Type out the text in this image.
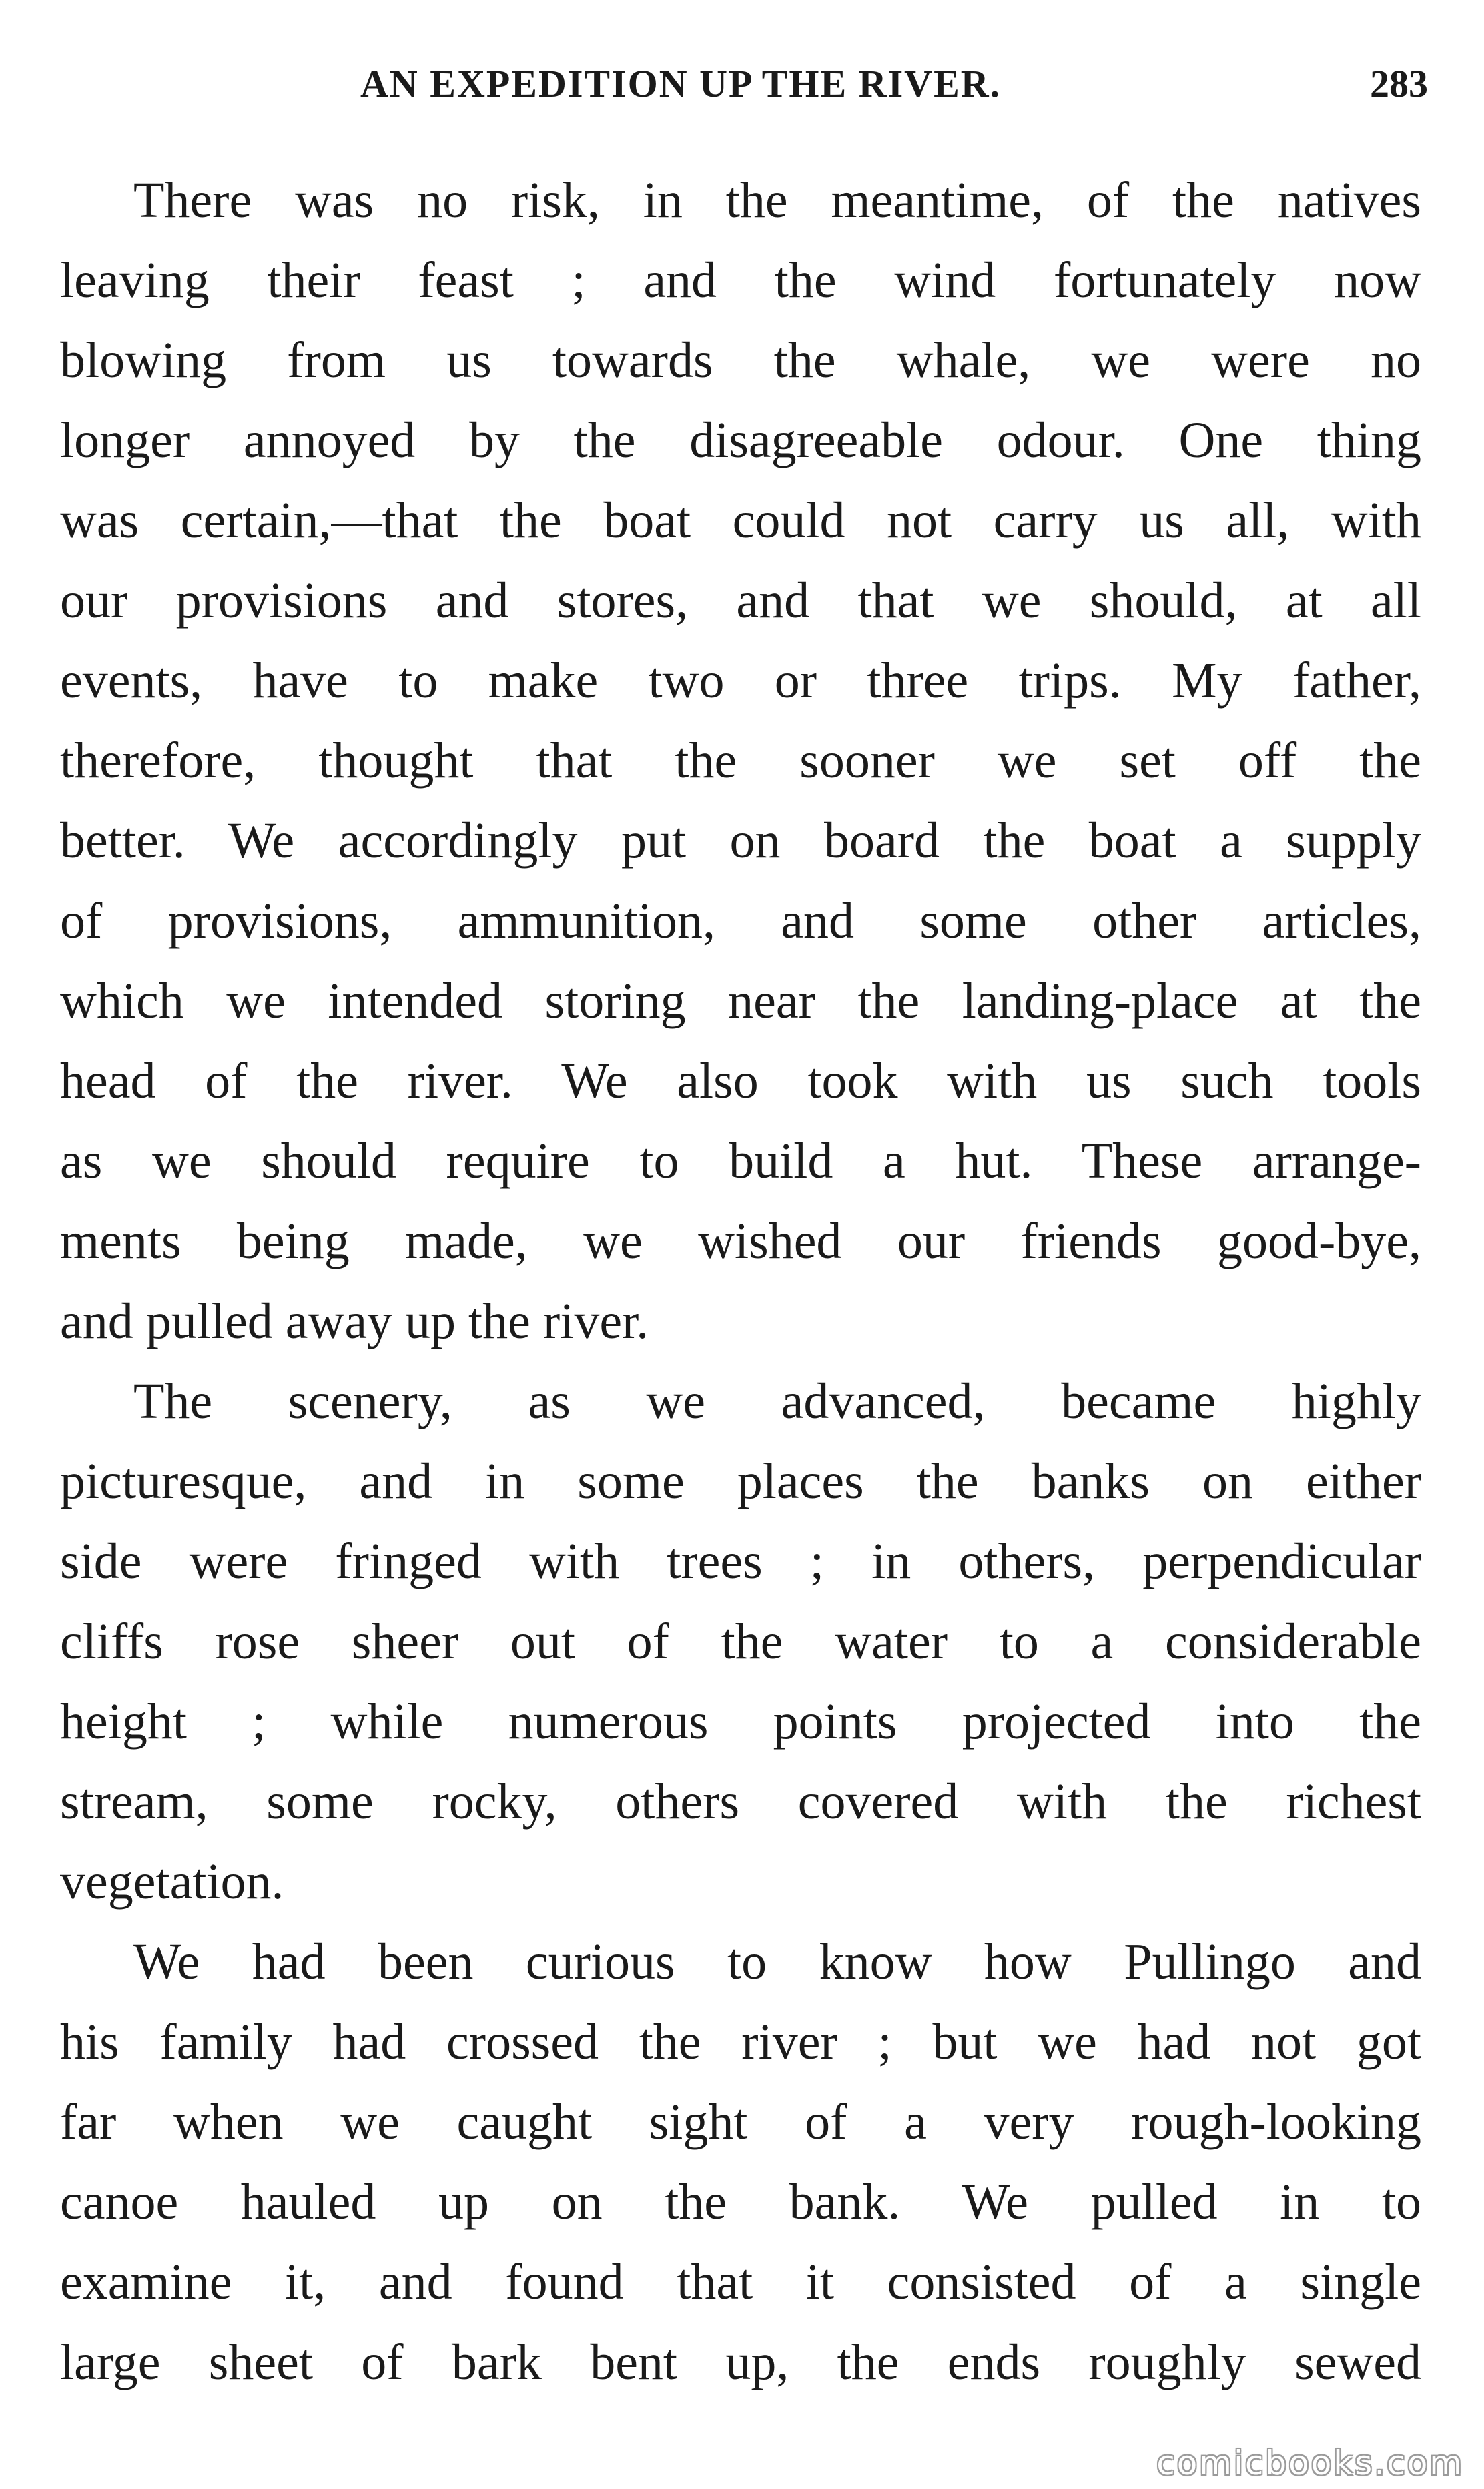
AN EXPEDITION UP THE RIVER.	283
There was no risk, in the meantime, of the natives
leaving their feast ; and the wind fortunately now
blowing from us towards the whale, we were no
longer annoyed by the disagreeable odour. One thing
was certain,—that the boat could not carry us all, with
our provisions and stores, and that we should, at all
events, have to make two or three trips. My father,
therefore, thought that the sooner we set off the
better. We accordingly put on board the boat a supply
of provisions, ammunition, and some other articles,
which we intended storing near the landing-place at the
head of the river. We also took with us such tools
as we should require to build a hut. These arrange-
ments being made, we wished our friends good-bye,
and pulled away up the river.
The scenery, as we advanced, became highly
picturesque, and in some places the banks on either
side were fringed with trees ; in others, perpendicular
cliffs rose sheer out of the water to a considerable
height ; while numerous points projected into the
stream, some rocky, others covered with the richest
vegetation.
We had been curious to know how Pullingo and
his family had crossed the river ; but we had not got
far when we caught sight of a very rough-looking
canoe hauled up on the bank. We pulled in to
examine it, and found that it consisted of a single
large sheet of bark bent up, the ends roughly sewed
comicbooks.com
